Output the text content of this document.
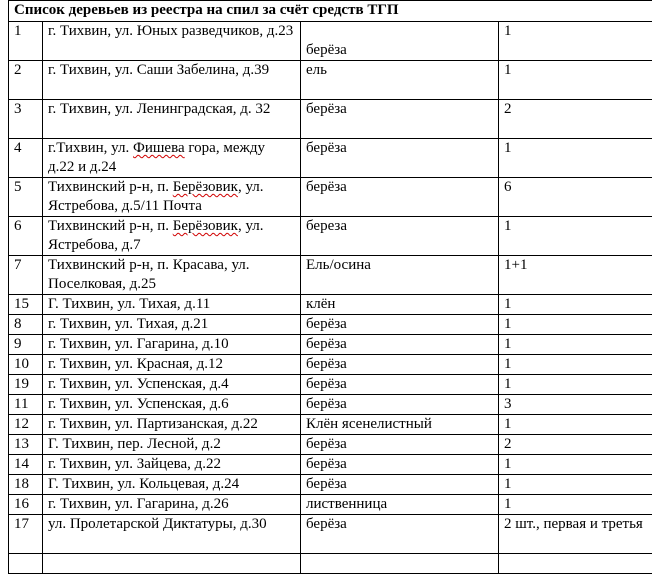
Список деревьев из реестра на спил за счёт средств ТГП			
1	г. Тихвин, ул. Юных разведчиков, д.23	берёза	1
2	г. Тихвин, ул. Саши Забелина, д.39	ель	1
3	г. Тихвин, ул. Ленинградская, д. 32	берёза	2
4	г.Тихвин, ул. Фишева гора, между д.22 и д.24	берёза	1
5	Тихвинский р-н, п. Берёзовик, ул. Ястребова, д.5/11 Почта	берёза	6
6	Тихвинский р-н, п. Берёзовик, ул. Ястребова, д.7	береза	1
7	Тихвинский р-н, п. Красава, ул. Поселковая, д.25	Ель/осина	1+1
15	Г. Тихвин, ул. Тихая, д.11	клён	1
8	г. Тихвин, ул. Тихая, д.21	берёза	1
9	г. Тихвин, ул. Гагарина, д.10	берёза	1
10	г. Тихвин, ул. Красная, д.12	берёза	1
19	г. Тихвин, ул. Успенская, д.4	берёза	1
11	г. Тихвин, ул. Успенская, д.6	берёза	3
12	г. Тихвин, ул. Партизанская, д.22	Клён ясенелистный	1
13	Г. Тихвин, пер. Лесной, д.2	берёза	2
14	г. Тихвин, ул. Зайцева, д.22	берёза	1
18	Г. Тихвин, ул. Кольцевая, д.24	берёза	1
16	г. Тихвин, ул. Гагарина, д.26	лиственница	1
17	ул. Пролетарской Диктатуры, д.30	берёза	2 шт., первая и третья
